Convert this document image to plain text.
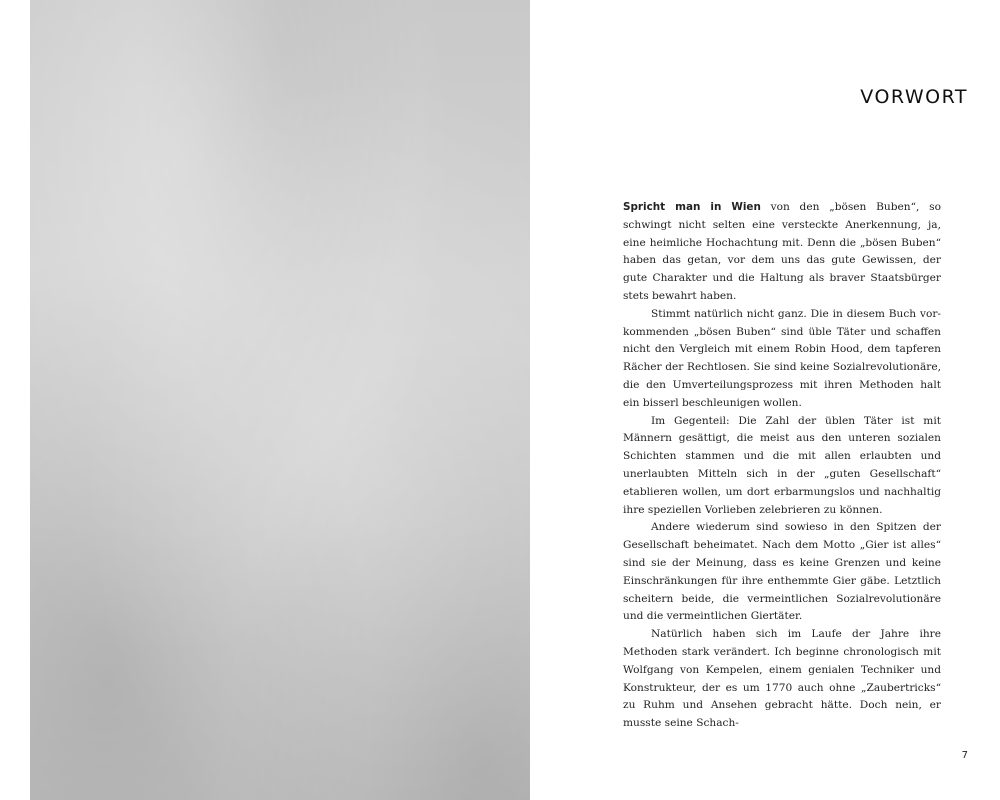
VORWORT

Spricht man in Wien von den „bösen Buben“, so schwingt nicht selten eine versteckte Anerkennung, ja, eine heimliche Hochachtung mit. Denn die „bösen Buben“ haben das getan, vor dem uns das gute Gewissen, der gute Charakter und die Haltung als braver Staatsbürger stets bewahrt haben.

Stimmt natürlich nicht ganz. Die in diesem Buch vorkommenden „bösen Buben“ sind üble Täter und schaffen nicht den Vergleich mit einem Robin Hood, dem tapferen Rächer der Rechtlosen. Sie sind keine Sozialrevolutionäre, die den Umverteilungsprozess mit ihren Methoden halt ein bisserl beschleunigen wollen.

Im Gegenteil: Die Zahl der üblen Täter ist mit Männern gesättigt, die meist aus den unteren sozialen Schichten stammen und die mit allen erlaubten und unerlaubten Mitteln sich in der „guten Gesellschaft“ etablieren wollen, um dort erbarmungslos und nachhaltig ihre speziellen Vorlieben zelebrieren zu können.

Andere wiederum sind sowieso in den Spitzen der Gesellschaft beheimatet. Nach dem Motto „Gier ist alles“ sind sie der Meinung, dass es keine Grenzen und keine Einschränkungen für ihre enthemmte Gier gäbe. Letztlich scheitern beide, die vermeintlichen Sozialrevolutionäre und die vermeintlichen Giertäter.

Natürlich haben sich im Laufe der Jahre ihre Methoden stark verändert. Ich beginne chronologisch mit Wolfgang von Kempelen, einem genialen Techniker und Konstrukteur, der es um 1770 auch ohne „Zaubertricks“ zu Ruhm und Ansehen gebracht hätte. Doch nein, er musste seine Schach-

7
